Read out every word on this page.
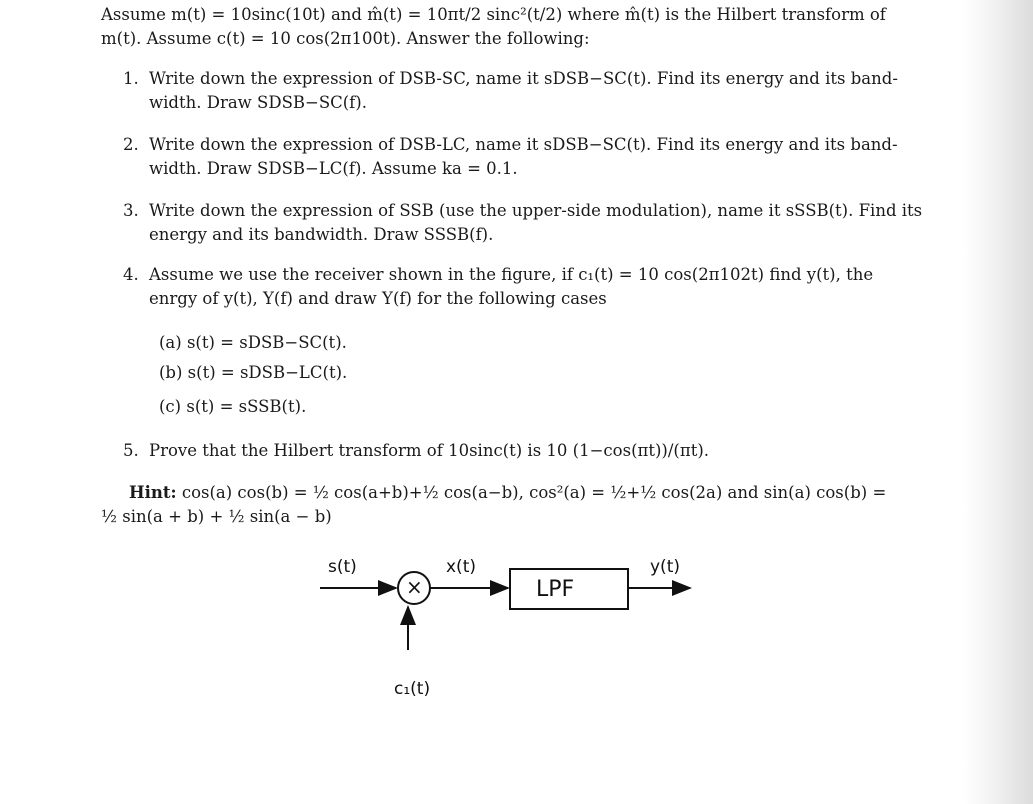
Assume m(t) = 10sinc(10t) and m̂(t) = 10πt/2 sinc²(t/2) where m̂(t) is the Hilbert transform of
m(t). Assume c(t) = 10 cos(2π100t). Answer the following:
1. Write down the expression of DSB-SC, name it sDSB−SC(t). Find its energy and its band-
width. Draw SDSB−SC(f).
2. Write down the expression of DSB-LC, name it sDSB−SC(t). Find its energy and its band-
width. Draw SDSB−LC(f). Assume ka = 0.1.
3. Write down the expression of SSB (use the upper-side modulation), name it sSSB(t). Find its
energy and its bandwidth. Draw SSSB(f).
4. Assume we use the receiver shown in the figure, if c₁(t) = 10 cos(2π102t) find y(t), the
enrgy of y(t), Y(f) and draw Y(f) for the following cases
(a) s(t) = sDSB−SC(t).
(b) s(t) = sDSB−LC(t).
(c) s(t) = sSSB(t).
5. Prove that the Hilbert transform of 10sinc(t) is 10 (1−cos(πt))/(πt).
Hint: cos(a) cos(b) = ½ cos(a+b)+½ cos(a−b), cos²(a) = ½+½ cos(2a) and sin(a) cos(b) =
½ sin(a + b) + ½ sin(a − b)
s(t)
×
x(t)
LPF
y(t)
c₁(t)
